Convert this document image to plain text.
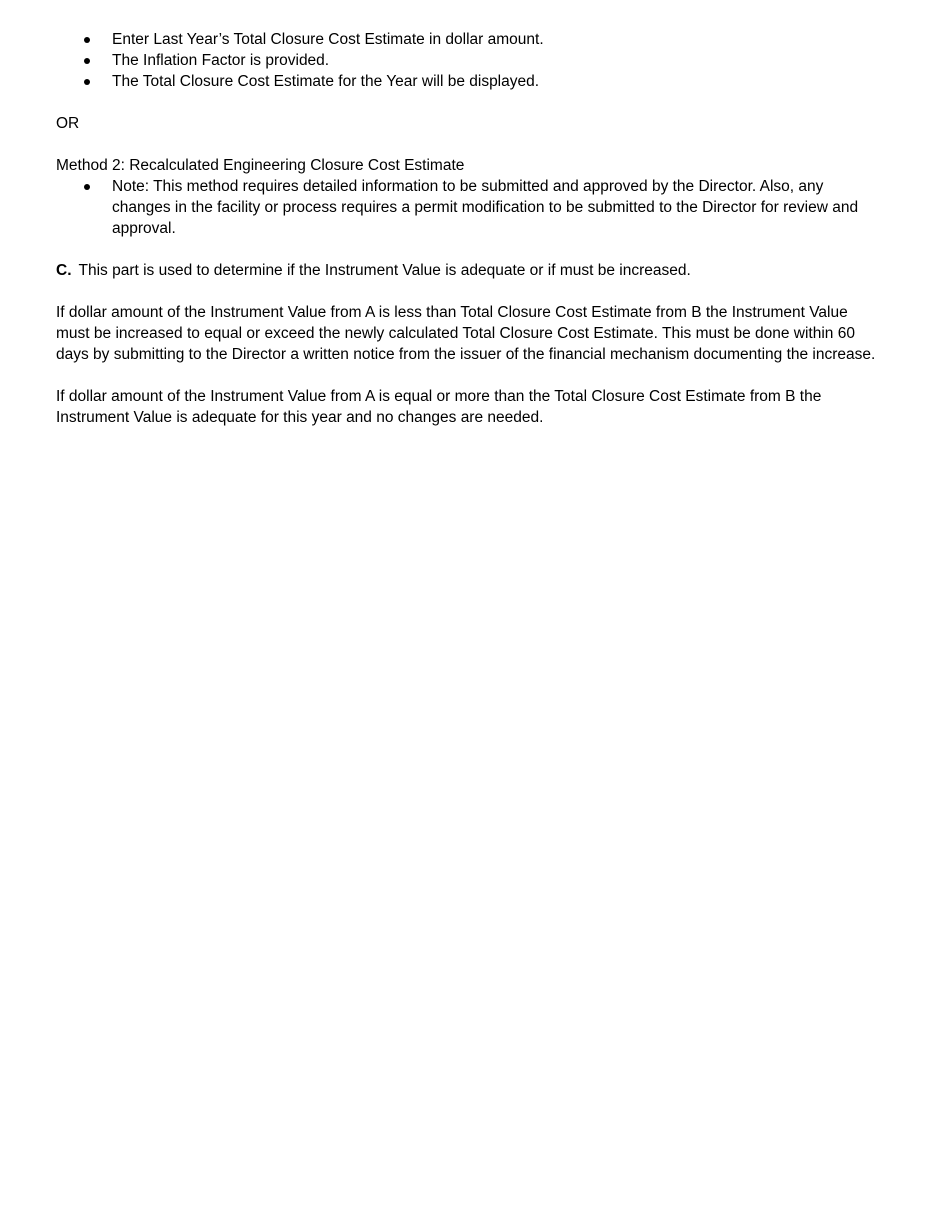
Enter Last Year’s Total Closure Cost Estimate in dollar amount.
The Inflation Factor is provided.
The Total Closure Cost Estimate for the Year will be displayed.

OR

Method 2: Recalculated Engineering Closure Cost Estimate

Note: This method requires detailed information to be submitted and approved by the Director. Also, any changes in the facility or process requires a permit modification to be submitted to the Director for review and approval.

C. This part is used to determine if the Instrument Value is adequate or if must be increased.

If dollar amount of the Instrument Value from A is less than Total Closure Cost Estimate from B the Instrument Value must be increased to equal or exceed the newly calculated Total Closure Cost Estimate. This must be done within 60 days by submitting to the Director a written notice from the issuer of the financial mechanism documenting the increase.

If dollar amount of the Instrument Value from A is equal or more than the Total Closure Cost Estimate from B the Instrument Value is adequate for this year and no changes are needed.
